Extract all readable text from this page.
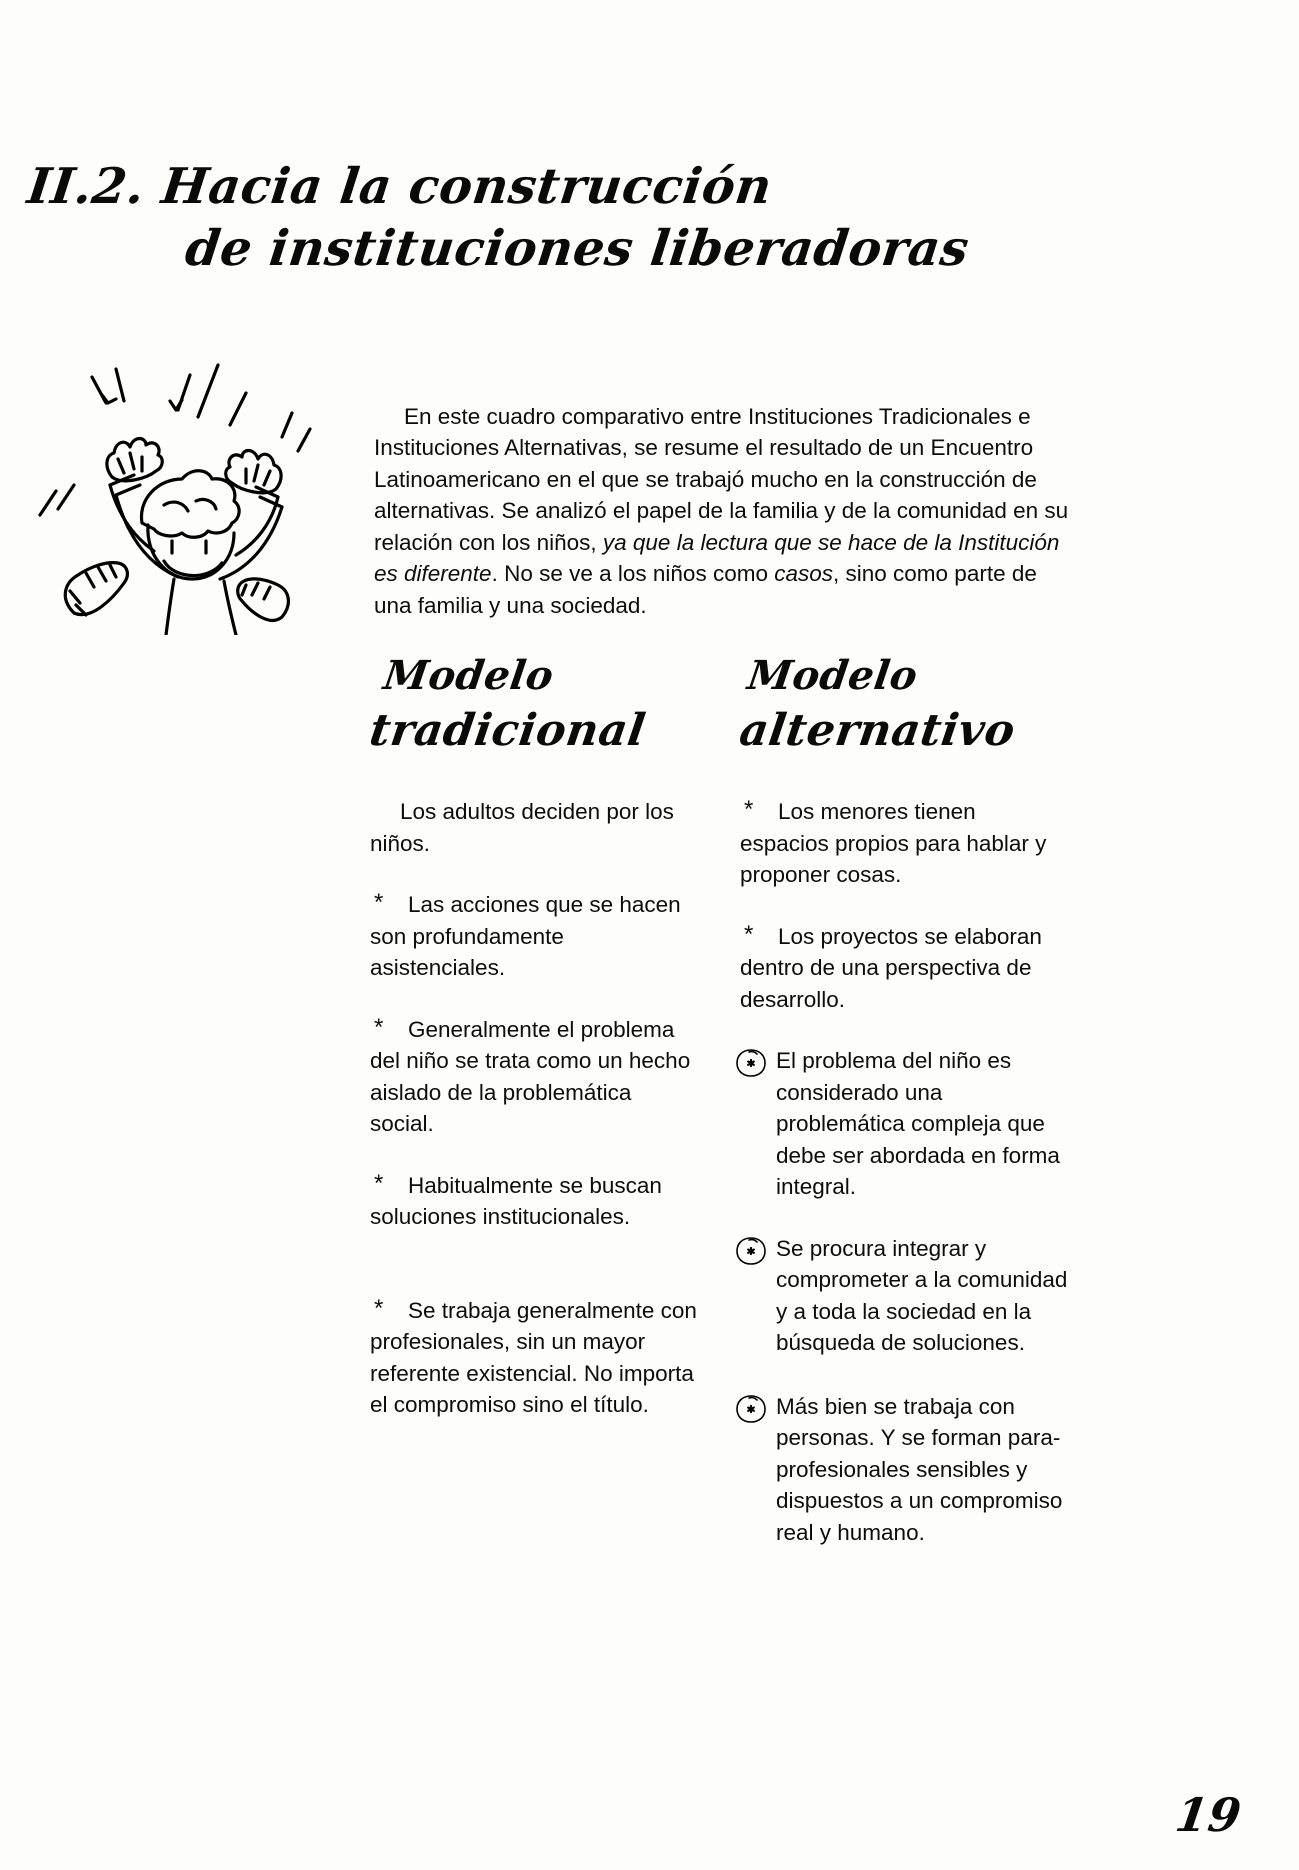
II.2. Hacia la construcción
de instituciones liberadoras

En este cuadro comparativo entre Instituciones Tradicionales e Instituciones Alternativas, se resume el resultado de un Encuentro Latinoamericano en el que se trabajó mucho en la construcción de alternativas. Se analizó el papel de la familia y de la comunidad en su relación con los niños, ya que la lectura que se hace de la Institución es diferente. No se ve a los niños como casos, sino como parte de una familia y una sociedad.

Modelo
tradicional
Los adultos deciden por los niños.
*	Las acciones que se hacen son profundamente asistenciales.
*	Generalmente el problema del niño se trata como un hecho aislado de la problemática social.
*	Habitualmente se buscan soluciones institucionales.
*	Se trabaja generalmente con profesionales, sin un mayor referente existencial. No importa el compromiso sino el título.
Modelo
alternativo
*	Los menores tienen espacios propios para hablar y proponer cosas.
*	Los proyectos se elaboran dentro de una perspectiva de desarrollo.
El problema del niño es considerado una problemática compleja que debe ser abordada en forma integral.
Se procura integrar y comprometer a la comunidad y a toda la sociedad en la búsqueda de soluciones.
Más bien se trabaja con personas. Y se forman para-profesionales sensibles y dispuestos a un compromiso real y humano.
19
